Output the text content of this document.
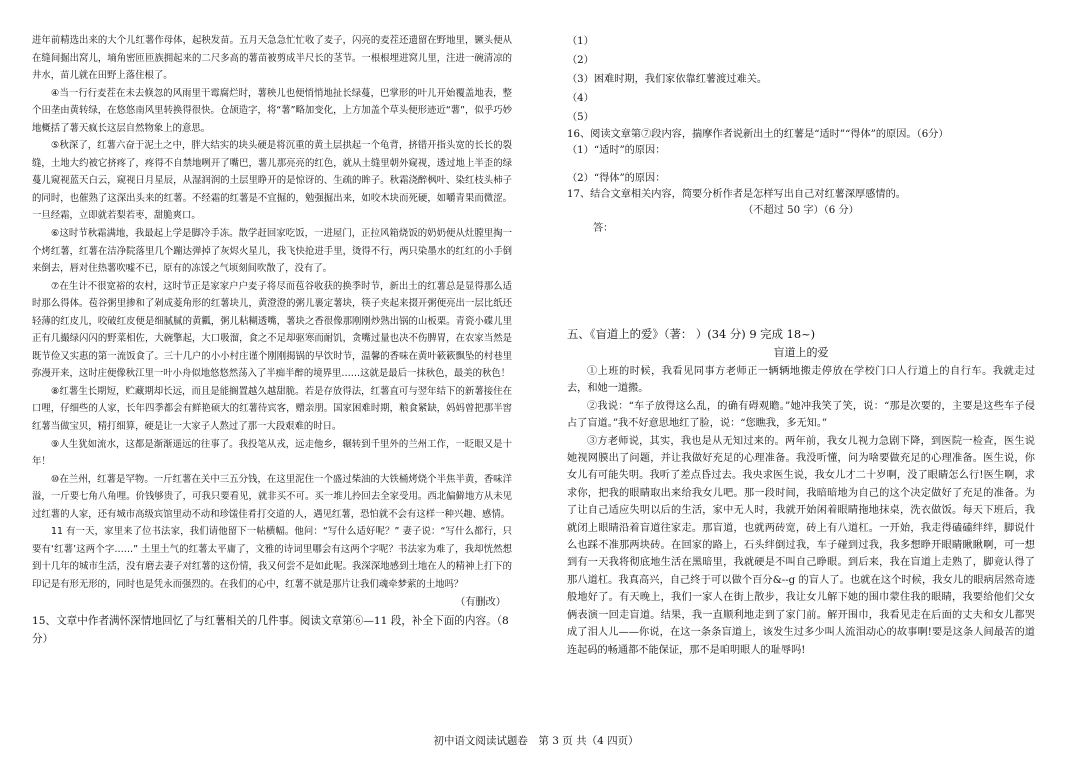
进年前精选出来的大个儿红薯作母体，起秧发苗。五月天急急忙忙收了麦子，闪亮的麦茬还遗留在野地里，镢头便从在缝间掘出窝儿，墒角密匝匝族拥起来的二尺多高的薯苗被剪成半尺长的茎节。一根根埋进窝儿里，注进一碗清凉的井水，苗儿就在田野上落住根了。

④当一行行麦茬在未去倏忽的风雨里干霉腐烂时，薯秧儿也便悄悄地扯长绿蔓，巴掌形的叶儿开始覆盖地表，整个田垄由黄转绿，在悠悠南风里转换得很快。仓颉造字，将“薯”略加变化，上方加盖个草头便形迹近“薯”，似乎巧妙地概括了薯天疯长这层自然物象上的意思。

⑤秋深了，红薯六奋于泥土之中，胖大结实的块头硬是将沉重的黄土层拱起一个龟背，挤错开指头宽的长长的裂缝，土地大约被它挤疼了，疼得不自禁地咧开了嘴巴，薯儿那亮亮的红色，就从土缝里朝外窥视，透过地上半歪的绿蔓儿窥视蓝天白云，窥视日月星辰，从湿润润的土层里睁开的是惊讶的、生疏的眸子。秋霜浇醉枫叶、染红枝头柿子的同时，也催熟了这深出头来的红薯。不经霜的红薯是不宜掘的，勉强掘出来，如咬木块而死硬，如嚼青果而微涩。一旦经霜，立即就若梨若枣，甜脆爽口。

⑥这时节秋霜满地，我最起上学是脚冷手冻。散学赶回家吃饭，一进屋门，正拉风箱烧饭的奶奶便从灶膛里掏一个烤红薯，红薯在洁净院落里几个蹦达弹掉了灰烬火星儿，我飞快抢进手里，烫得不行，两只染墨水的红红的小手倒来倒去，唇对住热薯吹嘘不已，原有的冻馁之气顷刻间吹散了，没有了。

⑦在生计不很宽裕的农村，这时节正是家家户户麦子将尽而苞谷收获的换季时节，新出土的红薯总是显得那么适时那么得体。苞谷粥里掺和了剁成菱角形的红薯块儿，黄澄澄的粥儿裹定薯块，筷子夹起来掇开粥便亮出一层比纸还轻薄的红皮儿，咬破红皮便是细腻腻的黄瓤，粥儿粘糊透嘴，薯块之香很像那刚刚炒熟出锅的山板栗。青瓷小碟儿里正有几撮绿闪闪的野菜相佐，大碗擎起，大口吸溜，食之不足却驱寒而耐饥，贪嘴过量也决不伤脾胃，在农家当然是既节俭又实惠的第一流饭食了。三十几户的小小村庄谨个刚刚揭锅的早饮时节，温馨的香味在黄叶簌簌飘坠的村巷里弥漫开来，这时庄便像秋江里一叶小舟似地悠悠然荡入了半痴半醉的境界里……这就是最后一抹秋色，最美的秋色！

⑧红薯生长期短，贮藏期却长远，而且是能搁置越久越甜脆。若是存放得法，红薯直可与翌年结下的新薯接住在口哩，仔细些的人家，长年四季都会有鲜艳硕大的红薯待宾客，赠亲朋。国家困难时期，粮食紧缺，妈妈曾把那半窖红薯当做宝贝，精打细算，硬是让一大家子人熬过了那一大段艰难的时日。

⑨人生犹如流水，这都是渐渐遥远的往事了。我投笔从戎，远走他乡，辗转到千里外的兰州工作，一眨眼又是十年！

⑩在兰州，红薯是罕物。一斤红薯在关中三五分钱，在这里泥住一个盛过柴油的大铁桶烤烧个半焦半黄，香味洋溢，一斤要七角八角哩。价钱够贵了，可我只要看见，就非买不可。买一堆儿拎回去全家受用。西北偏僻地方从未见过红薯的人家，还有城市高级宾馆里动不动和珍馐佳肴打交道的人，遇见红薯，恐怕就不会有这样一种兴趣、感情。

11 有一天，家里来了位书法家，我们请他留下一帖横幅。他问：“写什么适好呢？” 妻子说：“写什么都行，只要有‘红薯’这两个字……” 土里土气的红薯太平庸了，文雅的诗词里哪会有这两个字呢？书法家为难了，我却恍然想到十几年的城市生活，没有磨去妻子对红薯的这份情，我又何尝不是如此呢。我深深地感到土地在人的精神上打下的印记是有形无形的，同时也是凭永而强烈的。在我们的心中，红薯不就是那片让我们魂牵梦萦的土地吗？

（有删改）

15、文章中作者满怀深情地回忆了与红薯相关的几件事。阅读文章第⑥—11 段，补全下面的内容。（8 分）

（1）

（2）

（3）困难时期，我们家依靠红薯渡过难关。

（4）

（5）

16、阅读文章第⑦段内容，揣摩作者说新出土的红薯是“适时”“得体”的原因。（6分）

（1）“适时”的原因：

（2）“得体”的原因：

17、结合文章相关内容，简要分析作者是怎样写出自己对红薯深厚感情的。

（不超过 50 字）（6 分）

答：

五、《盲道上的爱》（著： ）(34 分) 9 完成 18~)

盲道上的爱

①上班的时候，我看见同事方老师正一辆辆地搬走停放在学校门口人行道上的自行车。我就走过去，和她一道搬。

②我说：“车子放得这么乱，的确有碍观瞻。”她冲我笑了笑，说：“那是次要的，主要是这些车子侵占了盲道。”我不好意思地红了脸，说：“您瞧我，多无知。”

③方老师说，其实，我也是从无知过来的。两年前，我女儿视力急剧下降，到医院一检查，医生说她视网膜出了问题，并让我做好充足的心理准备。我没听懂，问为啥要做充足的心理准备。医生说，你女儿有可能失明。我听了差点昏过去。我央求医生说，我女儿才二十岁啊，没了眼睛怎么行!医生啊，求求你，把我的眼睛取出来给我女儿吧。那一段时间，我暗暗地为自己的这个决定做好了充足的准备。为了让自己适应失明以后的生活，家中无人时，我就开始闲着眼睛拖地抹桌，洗衣做饭。每天下班后，我就闭上眼睛沿着盲道往家走。那盲道，也就两砖宽，砖上有八道杠。一开始，我走得磕磕绊绊，脚说什么也踩不准那两块砖。在回家的路上，石头绊倒过我，车子碰到过我，我多想睁开眼睛瞅瞅啊，可一想到有一天我将彻底地生活在黑暗里，我就硬是不叫自己睁眼。到后来，我在盲道上走熟了，脚竟认得了那八道杠。我真高兴，自己终于可以做个百分&--g 的盲人了。也就在这个时候，我女儿的眼病居然奇迹般地好了。有天晚上，我们一家人在街上散步，我让女儿解下她的围巾蒙住我的眼睛，我要给他们父女俩表演一回走盲道。结果，我一直顺利地走到了家门前。解开围巾，我看见走在后面的丈夫和女儿都哭成了泪人儿——你说，在这一条条盲道上，该发生过多少叫人流泪动心的故事啊!要是这条人间最苦的道连起码的畅通都不能保证，那不是咱明眼人的耻辱吗!

初中语文阅读试题卷　第 3 页 共（4 四页）
